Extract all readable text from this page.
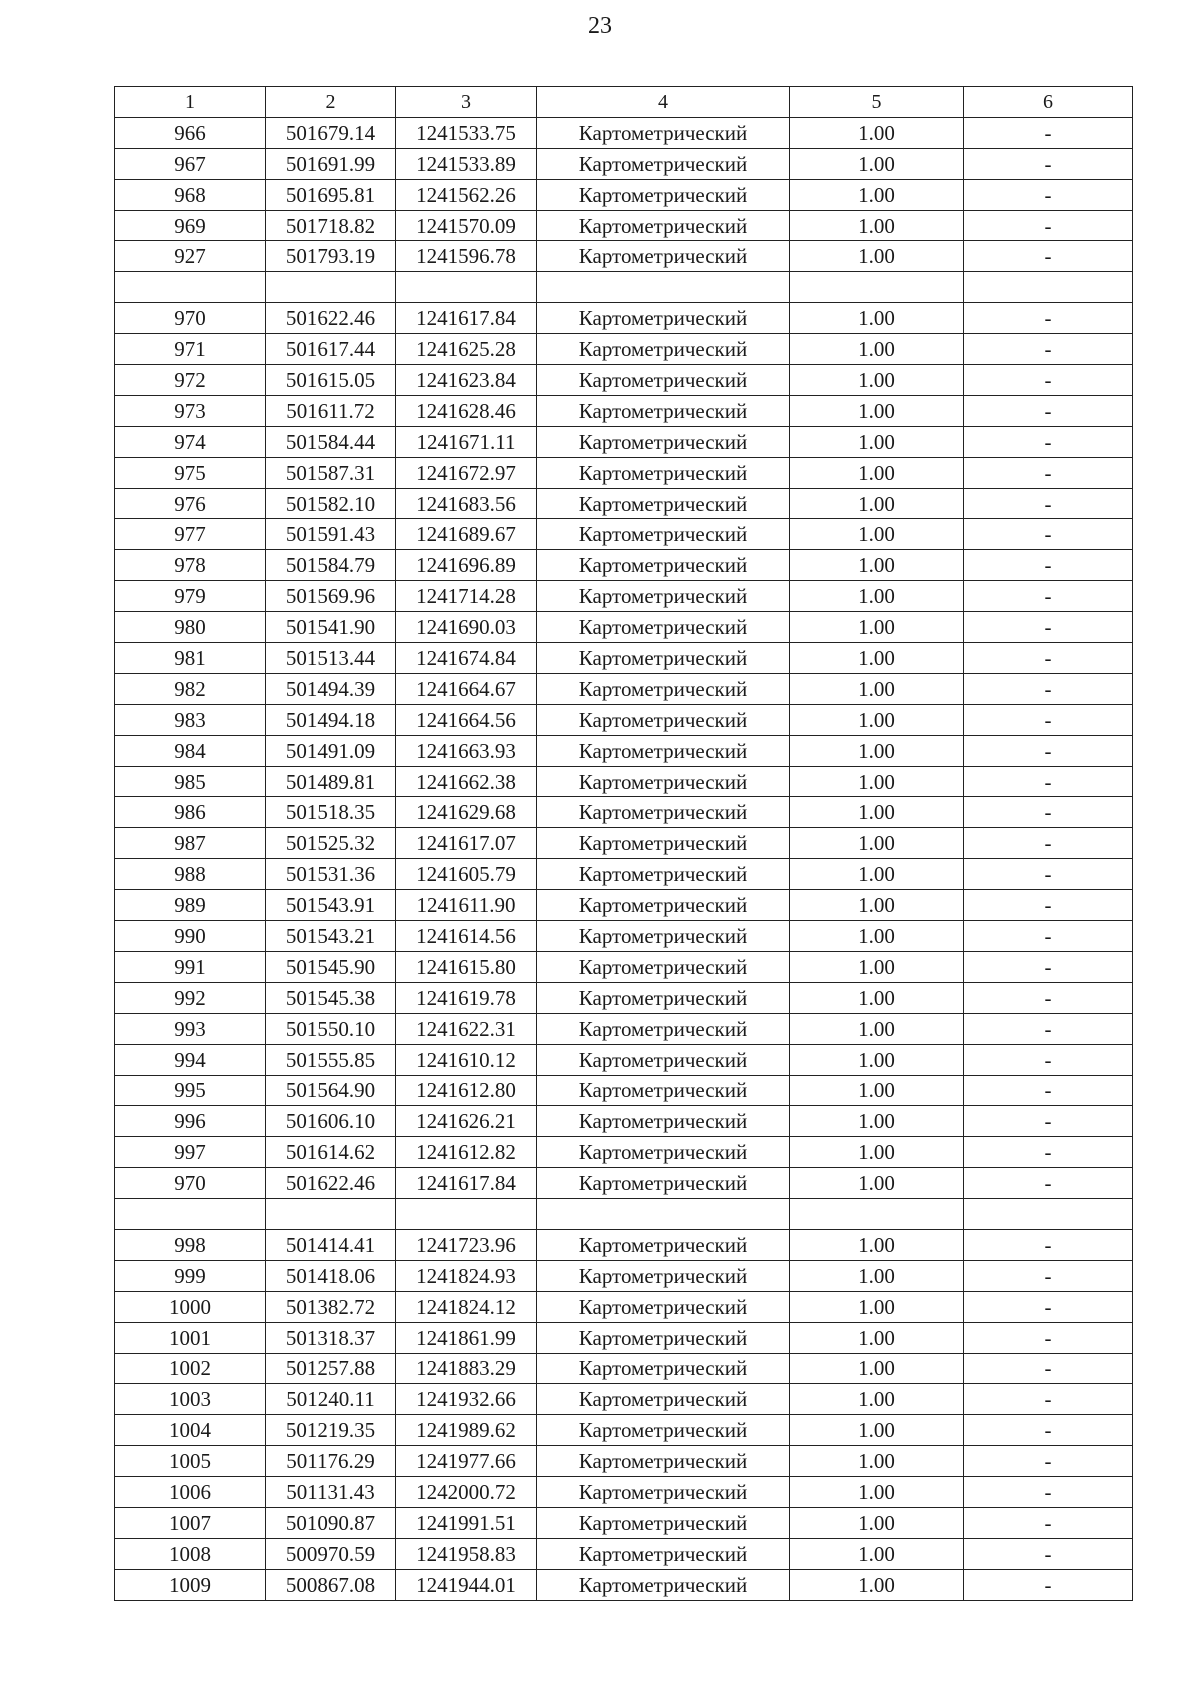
23
1	2	3	4	5	6
966	501679.14	1241533.75	Картометрический	1.00	-
967	501691.99	1241533.89	Картометрический	1.00	-
968	501695.81	1241562.26	Картометрический	1.00	-
969	501718.82	1241570.09	Картометрический	1.00	-
927	501793.19	1241596.78	Картометрический	1.00	-

970	501622.46	1241617.84	Картометрический	1.00	-
971	501617.44	1241625.28	Картометрический	1.00	-
972	501615.05	1241623.84	Картометрический	1.00	-
973	501611.72	1241628.46	Картометрический	1.00	-
974	501584.44	1241671.11	Картометрический	1.00	-
975	501587.31	1241672.97	Картометрический	1.00	-
976	501582.10	1241683.56	Картометрический	1.00	-
977	501591.43	1241689.67	Картометрический	1.00	-
978	501584.79	1241696.89	Картометрический	1.00	-
979	501569.96	1241714.28	Картометрический	1.00	-
980	501541.90	1241690.03	Картометрический	1.00	-
981	501513.44	1241674.84	Картометрический	1.00	-
982	501494.39	1241664.67	Картометрический	1.00	-
983	501494.18	1241664.56	Картометрический	1.00	-
984	501491.09	1241663.93	Картометрический	1.00	-
985	501489.81	1241662.38	Картометрический	1.00	-
986	501518.35	1241629.68	Картометрический	1.00	-
987	501525.32	1241617.07	Картометрический	1.00	-
988	501531.36	1241605.79	Картометрический	1.00	-
989	501543.91	1241611.90	Картометрический	1.00	-
990	501543.21	1241614.56	Картометрический	1.00	-
991	501545.90	1241615.80	Картометрический	1.00	-
992	501545.38	1241619.78	Картометрический	1.00	-
993	501550.10	1241622.31	Картометрический	1.00	-
994	501555.85	1241610.12	Картометрический	1.00	-
995	501564.90	1241612.80	Картометрический	1.00	-
996	501606.10	1241626.21	Картометрический	1.00	-
997	501614.62	1241612.82	Картометрический	1.00	-
970	501622.46	1241617.84	Картометрический	1.00	-

998	501414.41	1241723.96	Картометрический	1.00	-
999	501418.06	1241824.93	Картометрический	1.00	-
1000	501382.72	1241824.12	Картометрический	1.00	-
1001	501318.37	1241861.99	Картометрический	1.00	-
1002	501257.88	1241883.29	Картометрический	1.00	-
1003	501240.11	1241932.66	Картометрический	1.00	-
1004	501219.35	1241989.62	Картометрический	1.00	-
1005	501176.29	1241977.66	Картометрический	1.00	-
1006	501131.43	1242000.72	Картометрический	1.00	-
1007	501090.87	1241991.51	Картометрический	1.00	-
1008	500970.59	1241958.83	Картометрический	1.00	-
1009	500867.08	1241944.01	Картометрический	1.00	-
